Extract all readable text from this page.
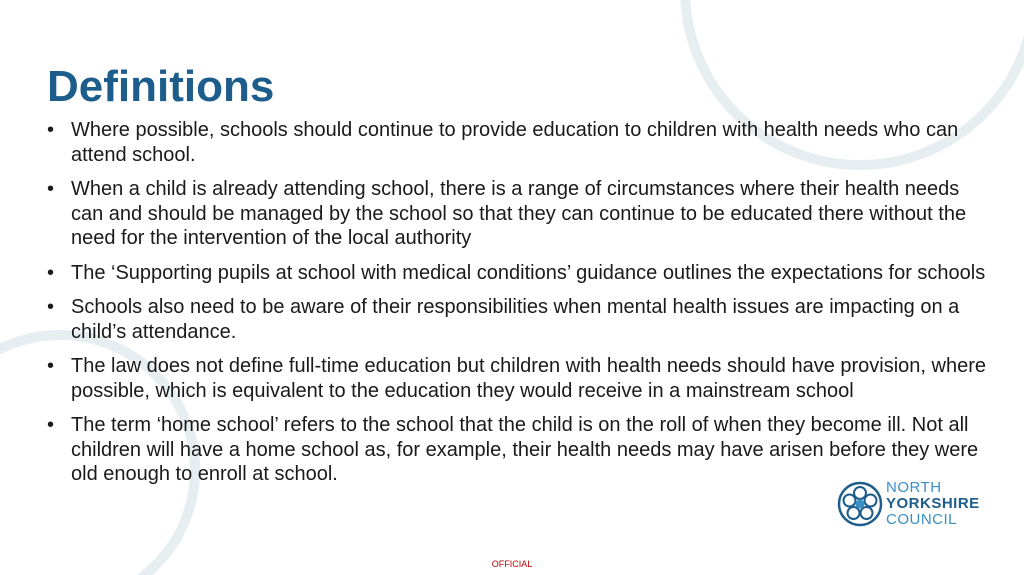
Definitions
• Where possible, schools should continue to provide education to children with health needs who can attend school.
• When a child is already attending school, there is a range of circumstances where their health needs can and should be managed by the school so that they can continue to be educated there without the need for the intervention of the local authority
• The ‘Supporting pupils at school with medical conditions’ guidance outlines the expectations for schools
• Schools also need to be aware of their responsibilities when mental health issues are impacting on a child’s attendance.
• The law does not define full-time education but children with health needs should have provision, where possible, which is equivalent to the education they would receive in a mainstream school
• The term ‘home school’ refers to the school that the child is on the roll of when they become ill. Not all children will have a home school as, for example, their health needs may have arisen before they were old enough to enroll at school.
NORTH
YORKSHIRE
COUNCIL
OFFICIAL
